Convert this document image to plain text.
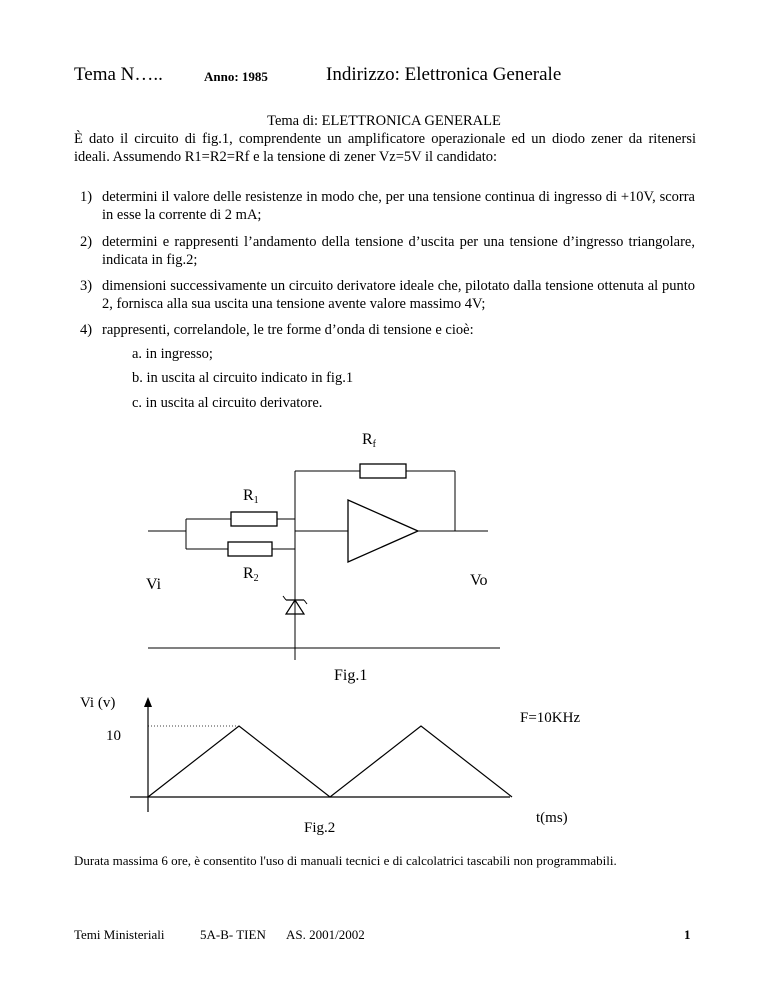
Tema N…..	Anno: 1985	Indirizzo: Elettronica Generale
Tema di: ELETTRONICA GENERALE
È dato il circuito di fig.1, comprendente un amplificatore operazionale ed un diodo zener da ritenersi ideali. Assumendo R1=R2=Rf e la tensione di zener Vz=5V il candidato:
1) determini il valore delle resistenze in modo che, per una tensione continua di ingresso di +10V, scorra in esse la corrente di 2 mA;
2) determini e rappresenti l’andamento della tensione d’uscita per una tensione d’ingresso triangolare, indicata in fig.2;
3) dimensioni successivamente un circuito derivatore ideale che, pilotato dalla tensione ottenuta al punto 2, fornisca alla sua uscita una tensione avente valore massimo 4V;
4) rappresenti, correlandole, le tre forme d’onda di tensione e cioè:
a. in ingresso;
b. in uscita al circuito indicato in fig.1
c. in uscita al circuito derivatore.
Rf
R1
R2
Vi	Vo
Fig.1
Vi (v)
10
F=10KHz
t(ms)
Fig.2
Durata massima 6 ore, è consentito l'uso di manuali tecnici e di calcolatrici tascabili non programmabili.
Temi Ministeriali	5A-B- TIEN AS. 2001/2002	1
